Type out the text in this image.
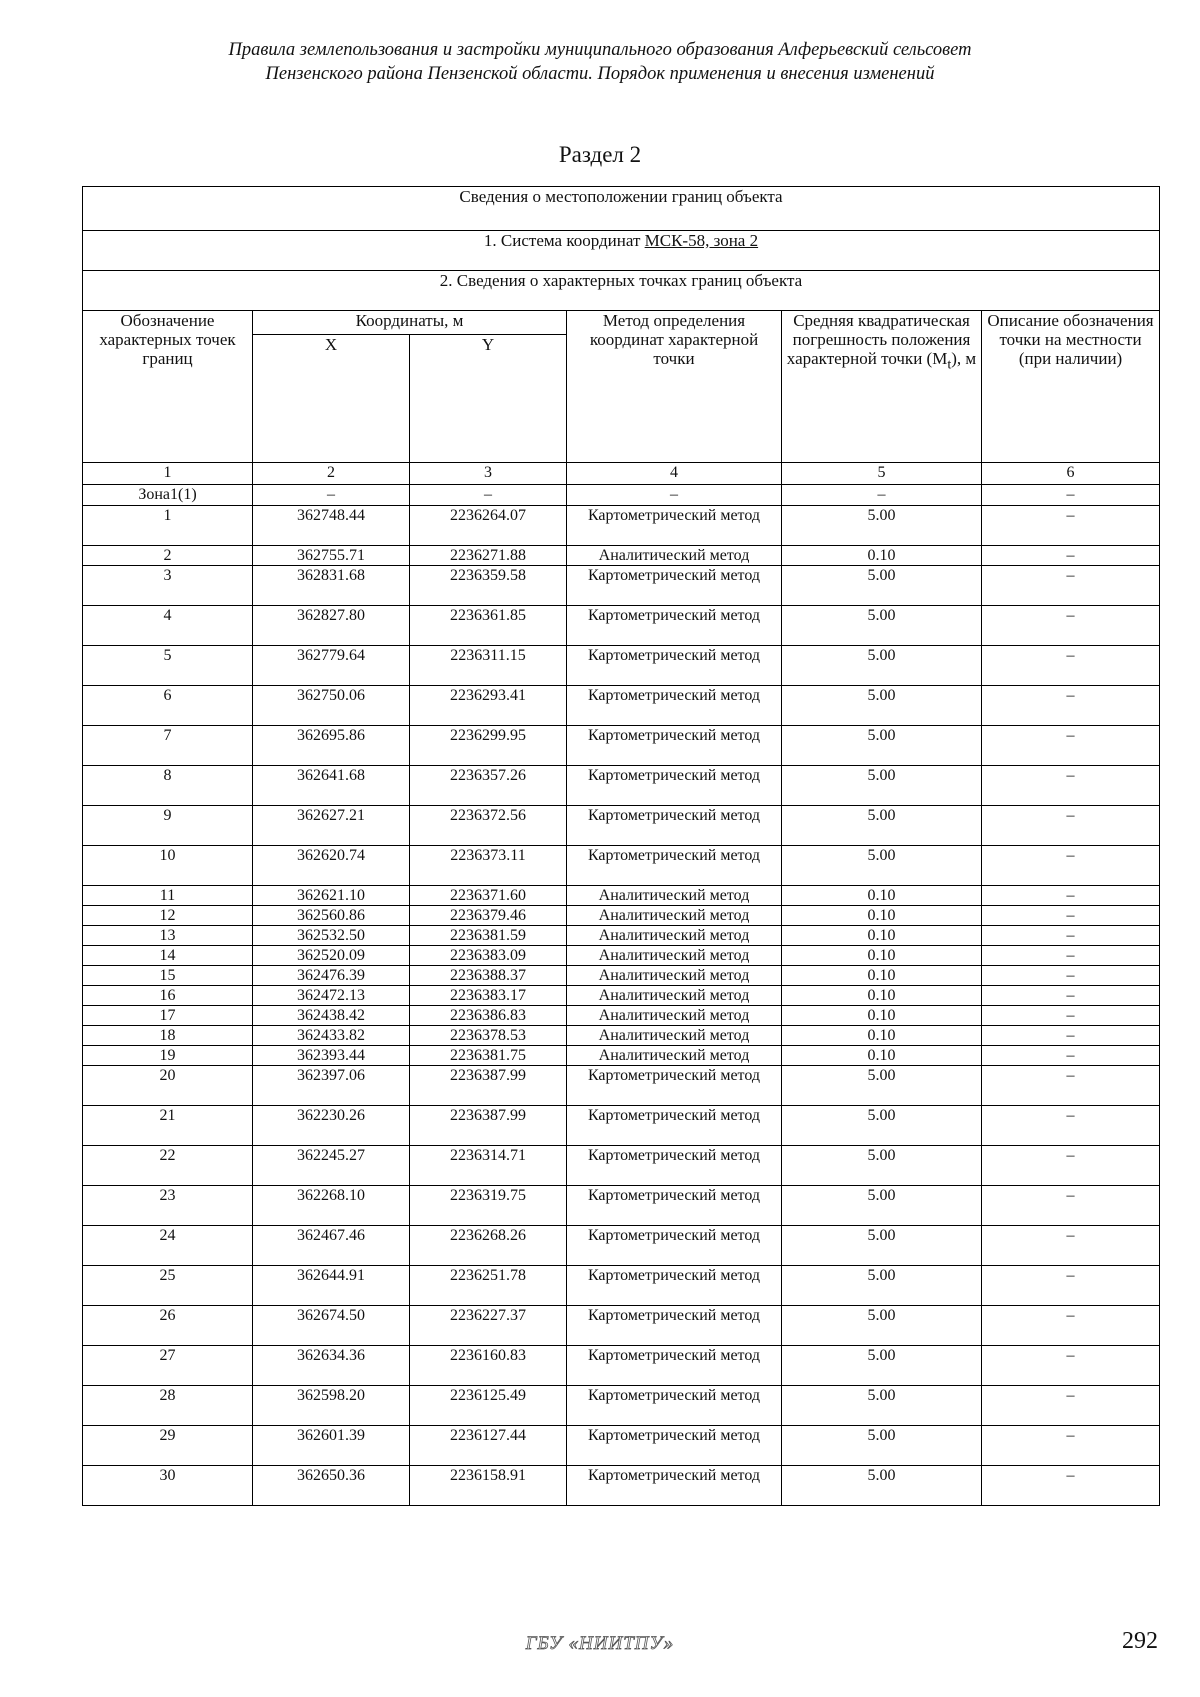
Правила землепользования и застройки муниципального образования Алферьевский сельсовет
Пензенского района Пензенской области. Порядок применения и внесения изменений
Раздел 2
Сведения о местоположении границ объекта					
1. Система координат МСК-58, зона 2					
2. Сведения о характерных точках границ объекта					
Обозначение характерных точек границ	Координаты, м		Метод определения координат характерной точки	Средняя квадратическая погрешность положения характерной точки $(M_t)$, м	Описание обозначения точки на местности (при наличии)
	X	Y			
1	2	3	4	5	6
Зона1(1)	–	–	–	–	–
1	362748.44	2236264.07	Картометрический метод	5.00	–
2	362755.71	2236271.88	Аналитический метод	0.10	–
3	362831.68	2236359.58	Картометрический метод	5.00	–
4	362827.80	2236361.85	Картометрический метод	5.00	–
5	362779.64	2236311.15	Картометрический метод	5.00	–
6	362750.06	2236293.41	Картометрический метод	5.00	–
7	362695.86	2236299.95	Картометрический метод	5.00	–
8	362641.68	2236357.26	Картометрический метод	5.00	–
9	362627.21	2236372.56	Картометрический метод	5.00	–
10	362620.74	2236373.11	Картометрический метод	5.00	–
11	362621.10	2236371.60	Аналитический метод	0.10	–
12	362560.86	2236379.46	Аналитический метод	0.10	–
13	362532.50	2236381.59	Аналитический метод	0.10	–
14	362520.09	2236383.09	Аналитический метод	0.10	–
15	362476.39	2236388.37	Аналитический метод	0.10	–
16	362472.13	2236383.17	Аналитический метод	0.10	–
17	362438.42	2236386.83	Аналитический метод	0.10	–
18	362433.82	2236378.53	Аналитический метод	0.10	–
19	362393.44	2236381.75	Аналитический метод	0.10	–
20	362397.06	2236387.99	Картометрический метод	5.00	–
21	362230.26	2236387.99	Картометрический метод	5.00	–
22	362245.27	2236314.71	Картометрический метод	5.00	–
23	362268.10	2236319.75	Картометрический метод	5.00	–
24	362467.46	2236268.26	Картометрический метод	5.00	–
25	362644.91	2236251.78	Картометрический метод	5.00	–
26	362674.50	2236227.37	Картометрический метод	5.00	–
27	362634.36	2236160.83	Картометрический метод	5.00	–
28	362598.20	2236125.49	Картометрический метод	5.00	–
29	362601.39	2236127.44	Картометрический метод	5.00	–
30	362650.36	2236158.91	Картометрический метод	5.00	–
ГБУ «НИИТПУ»	292
